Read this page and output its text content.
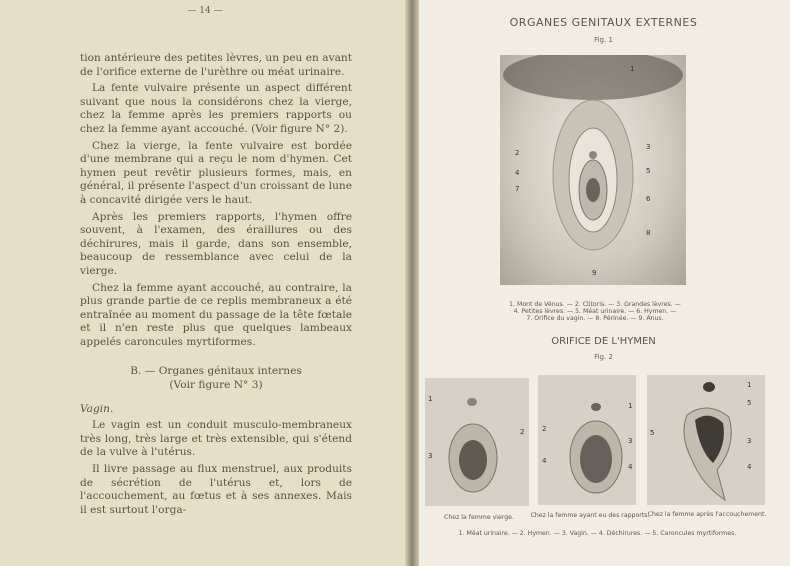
— 14 —

tion antérieure des petites lèvres, un peu en avant de l'orifice externe de l'urèthre ou méat urinaire.

La fente vulvaire présente un aspect différent suivant que nous la considérons chez la vierge, chez la femme après les premiers rapports ou chez la femme ayant accouché. (Voir figure N° 2).

Chez la vierge, la fente vulvaire est bordée d'une membrane qui a reçu le nom d'hymen. Cet hymen peut revêtir plusieurs formes, mais, en général, il présente l'aspect d'un croissant de lune à concavité dirigée vers le haut.

Après les premiers rapports, l'hymen offre souvent, à l'examen, des éraillures ou des déchirures, mais il garde, dans son ensemble, beaucoup de ressemblance avec celui de la vierge.

Chez la femme ayant accouché, au contraire, la plus grande partie de ce replis membraneux a été entraînée au moment du passage de la tête fœtale et il n'en reste plus que quelques lambeaux appelés caroncules myrtiformes.

B. — Organes génitaux internes

(Voir figure N° 3)

Vagin.

Le vagin est un conduit musculo-membraneux très long, très large et très extensible, qui s'étend de la vulve à l'utérus.

Il livre passage au flux menstruel, aux produits de sécrétion de l'utérus et, lors de l'accouchement, au fœtus et à ses annexes. Mais il est surtout l'orga-

ORGANES GENITAUX EXTERNES
Fig. 1
1
2
3
4	5
6
7
8
9
1. Mont de Vénus. — 2. Clitoris. — 3. Grandes lèvres. —
4. Petites lèvres. — 5. Méat urinaire. — 6. Hymen. —
7. Orifice du vagin. — 8. Périnée. — 9. Anus.
ORIFICE DE L'HYMEN
Fig. 2
1
2
3
1
2
3
4
4
1
5
5
3
4
Chez la femme vierge.	Chez la femme ayant eu des rapports.
Chez la femme après l'accouchement.
1. Méat urinaire. — 2. Hymen. — 3. Vagin. — 4. Déchirures. — 5. Caroncules myrtiformes.
